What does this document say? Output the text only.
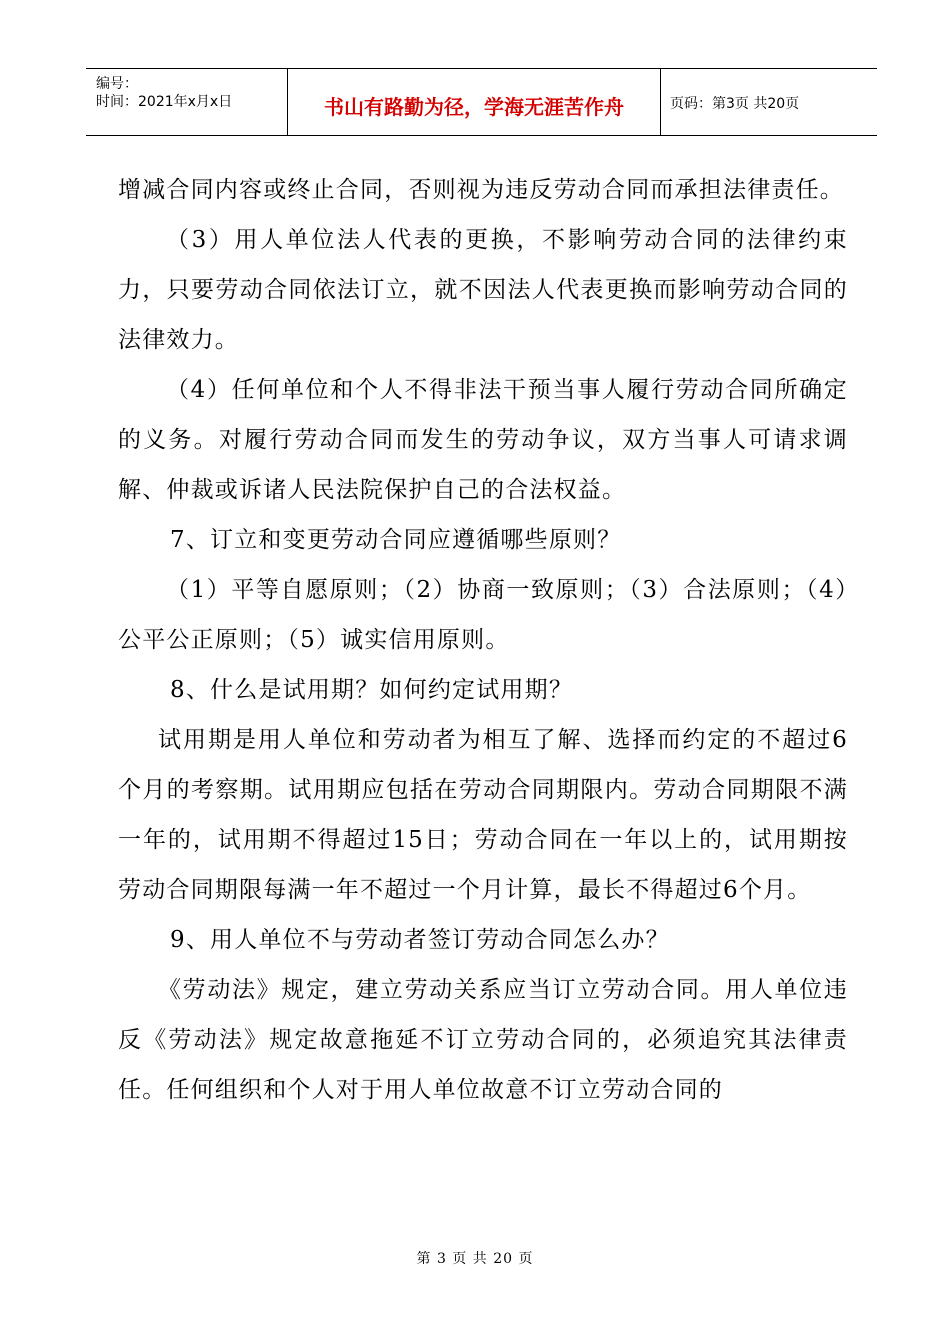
编号：
时间：2021年x月x日	书山有路勤为径，学海无涯苦作舟	页码：第3页 共20页

增减合同内容或终止合同，否则视为违反劳动合同而承担法律责任。

（3）用人单位法人代表的更换，不影响劳动合同的法律约束力，只要劳动合同依法订立，就不因法人代表更换而影响劳动合同的法律效力。

（4）任何单位和个人不得非法干预当事人履行劳动合同所确定的义务。对履行劳动合同而发生的劳动争议，双方当事人可请求调解、仲裁或诉诸人民法院保护自己的合法权益。

7、订立和变更劳动合同应遵循哪些原则？

（1）平等自愿原则；（2）协商一致原则；（3）合法原则；（4）公平公正原则；（5）诚实信用原则。

8、什么是试用期？如何约定试用期？

试用期是用人单位和劳动者为相互了解、选择而约定的不超过6个月的考察期。试用期应包括在劳动合同期限内。劳动合同期限不满一年的，试用期不得超过15日；劳动合同在一年以上的，试用期按劳动合同期限每满一年不超过一个月计算，最长不得超过6个月。

9、用人单位不与劳动者签订劳动合同怎么办？

《劳动法》规定，建立劳动关系应当订立劳动合同。用人单位违反《劳动法》规定故意拖延不订立劳动合同的，必须追究其法律责任。任何组织和个人对于用人单位故意不订立劳动合同的

第 3 页 共 20 页
